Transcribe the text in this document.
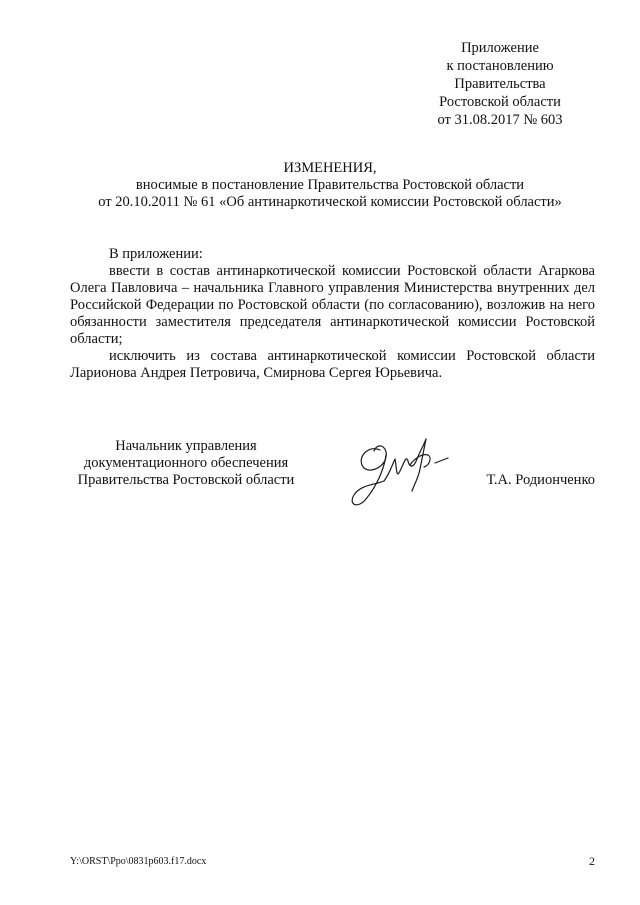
Приложение
к постановлению
Правительства
Ростовской области
от 31.08.2017 № 603
ИЗМЕНЕНИЯ,
вносимые в постановление Правительства Ростовской области
от 20.10.2011 № 61 «Об антинаркотической комиссии Ростовской области»

В приложении:

ввести в состав антинаркотической комиссии Ростовской области Агаркова Олега Павловича – начальника Главного управления Министерства внутренних дел Российской Федерации по Ростовской области (по согласованию), возложив на него обязанности заместителя председателя антинаркотической комиссии Ростовской области;

исключить из состава антинаркотической комиссии Ростовской области Ларионова Андрея Петровича, Смирнова Сергея Юрьевича.

Начальник управления
документационного обеспечения
Правительства Ростовской области	Т.А. Родионченко
Y:\ORST\Ppo\0831p603.f17.docx	2
